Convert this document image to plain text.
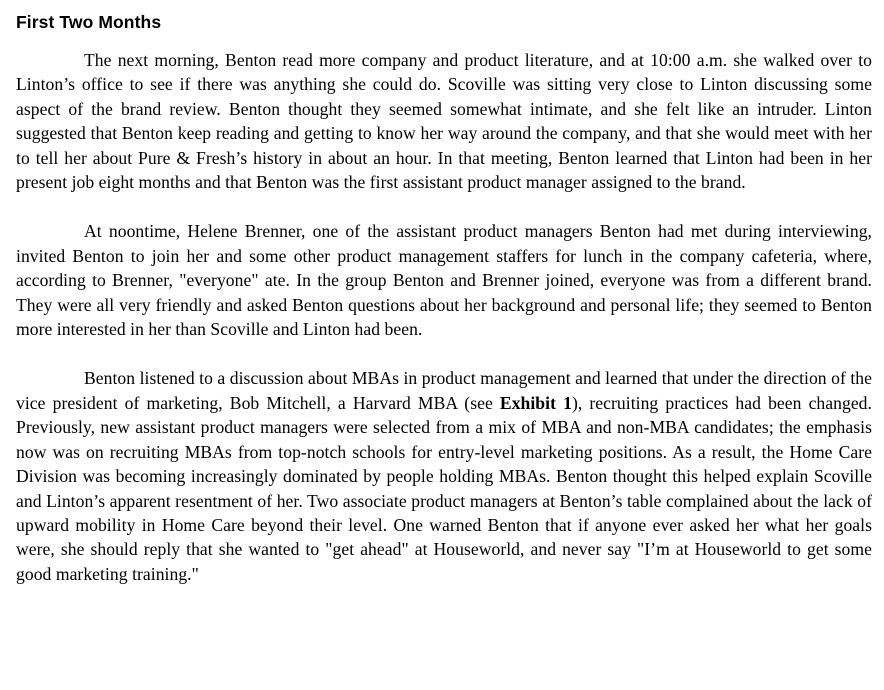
First Two Months

The next morning, Benton read more company and product literature, and at 10:00 a.m. she walked over to Linton’s office to see if there was anything she could do. Scoville was sitting very close to Linton discussing some aspect of the brand review. Benton thought they seemed somewhat intimate, and she felt like an intruder. Linton suggested that Benton keep reading and getting to know her way around the company, and that she would meet with her to tell her about Pure & Fresh’s history in about an hour. In that meeting, Benton learned that Linton had been in her present job eight months and that Benton was the first assistant product manager assigned to the brand.

At noontime, Helene Brenner, one of the assistant product managers Benton had met during interviewing, invited Benton to join her and some other product management staffers for lunch in the company cafeteria, where, according to Brenner, "everyone" ate. In the group Benton and Brenner joined, everyone was from a different brand. They were all very friendly and asked Benton questions about her background and personal life; they seemed to Benton more interested in her than Scoville and Linton had been.

Benton listened to a discussion about MBAs in product management and learned that under the direction of the vice president of marketing, Bob Mitchell, a Harvard MBA (see Exhibit 1), recruiting practices had been changed. Previously, new assistant product managers were selected from a mix of MBA and non-MBA candidates; the emphasis now was on recruiting MBAs from top-notch schools for entry-level marketing positions. As a result, the Home Care Division was becoming increasingly dominated by people holding MBAs. Benton thought this helped explain Scoville and Linton’s apparent resentment of her. Two associate product managers at Benton’s table complained about the lack of upward mobility in Home Care beyond their level. One warned Benton that if anyone ever asked her what her goals were, she should reply that she wanted to "get ahead" at Houseworld, and never say "I’m at Houseworld to get some good marketing training."
